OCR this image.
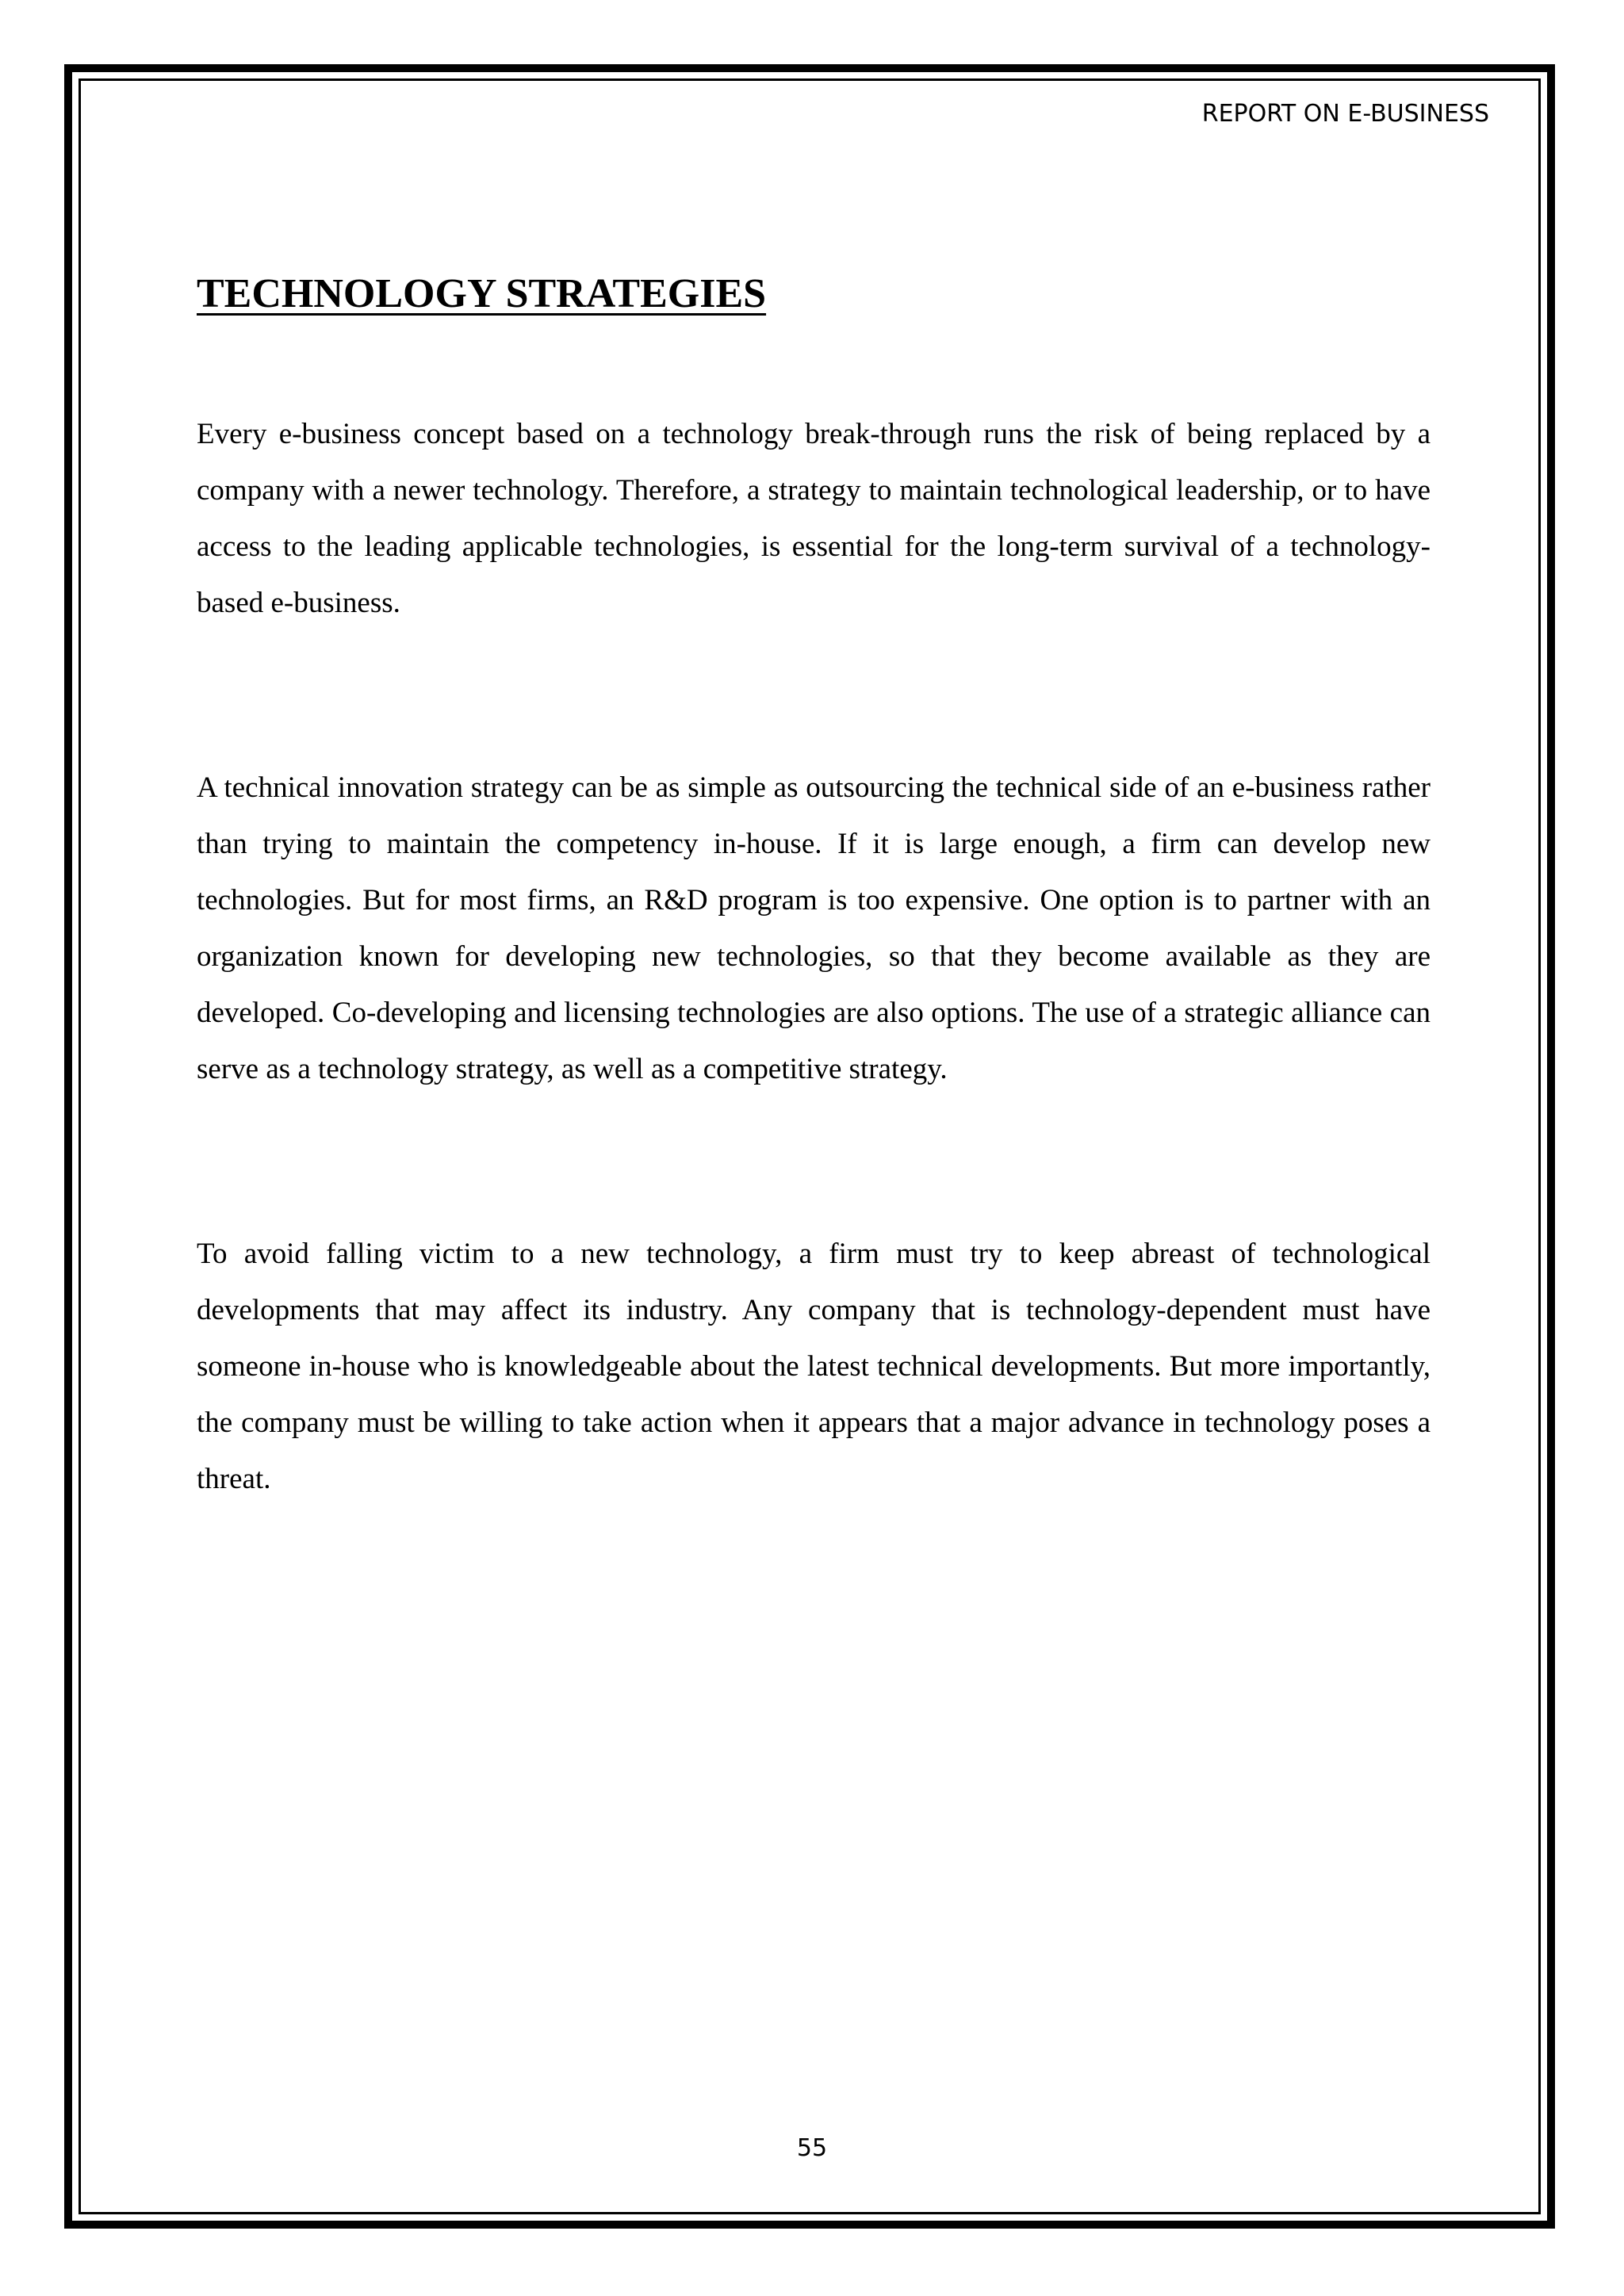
REPORT ON E-BUSINESS
TECHNOLOGY STRATEGIES

Every e-business concept based on a technology break-through runs the risk of being replaced by a company with a newer technology. Therefore, a strategy to maintain technological leadership, or to have access to the leading applicable technologies, is essential for the long-term survival of a technology-based e-business.

A technical innovation strategy can be as simple as outsourcing the technical side of an e-business rather than trying to maintain the competency in-house. If it is large enough, a firm can develop new technologies. But for most firms, an R&D program is too expensive. One option is to partner with an organization known for developing new technologies, so that they become available as they are developed. Co-developing and licensing technologies are also options. The use of a strategic alliance can serve as a technology strategy, as well as a competitive strategy.

To avoid falling victim to a new technology, a firm must try to keep abreast of technological developments that may affect its industry. Any company that is technology-dependent must have someone in-house who is knowledgeable about the latest technical developments. But more importantly, the company must be willing to take action when it appears that a major advance in technology poses a threat.

55
